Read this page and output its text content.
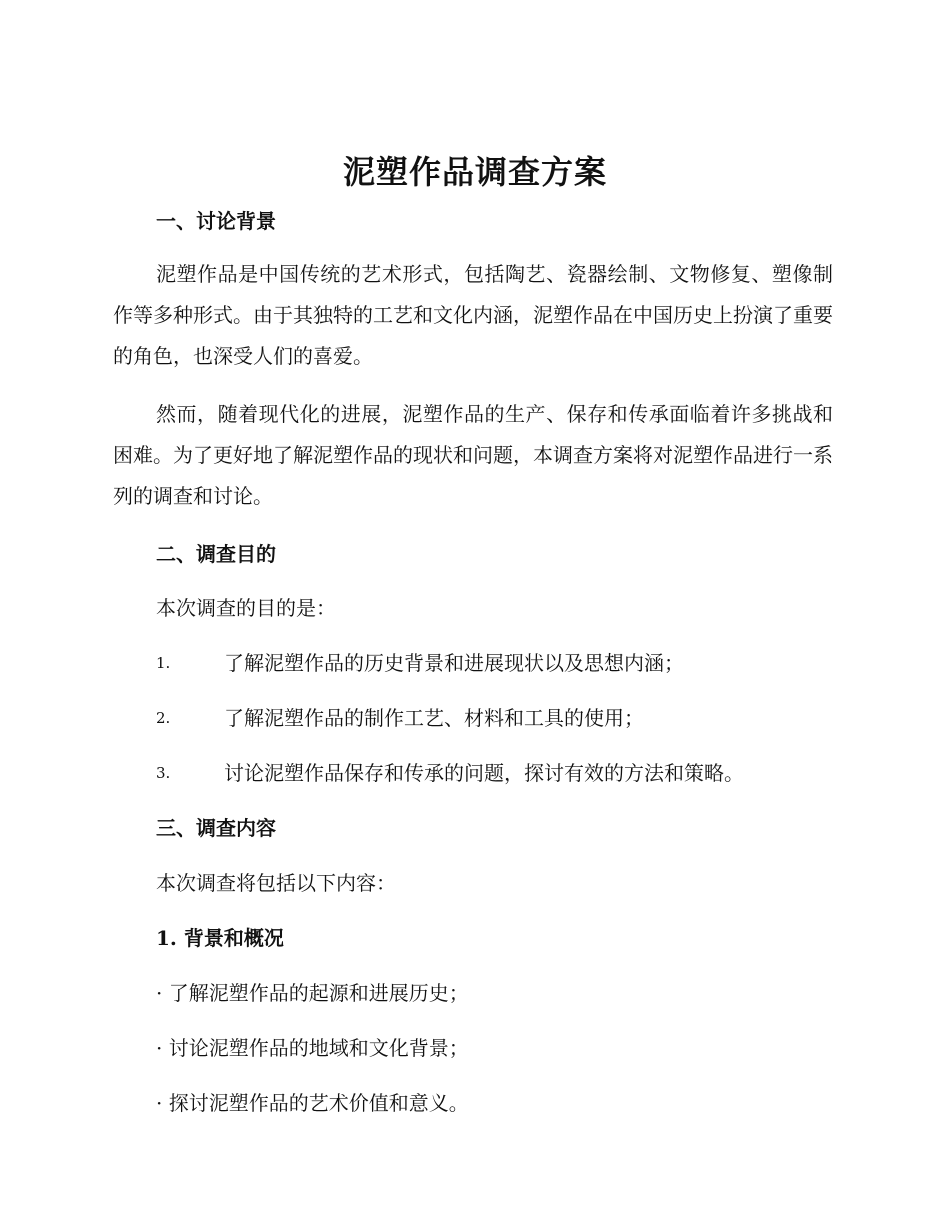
泥塑作品调查方案
一、讨论背景
泥塑作品是中国传统的艺术形式，包括陶艺、瓷器绘制、文物修复、塑像制作等多种形式。由于其独特的工艺和文化内涵，泥塑作品在中国历史上扮演了重要的角色，也深受人们的喜爱。
然而，随着现代化的进展，泥塑作品的生产、保存和传承面临着许多挑战和困难。为了更好地了解泥塑作品的现状和问题，本调查方案将对泥塑作品进行一系列的调查和讨论。
二、调查目的
本次调查的目的是：
1.	了解泥塑作品的历史背景和进展现状以及思想内涵；
2.	了解泥塑作品的制作工艺、材料和工具的使用；
3.	讨论泥塑作品保存和传承的问题，探讨有效的方法和策略。
三、调查内容
本次调查将包括以下内容：
1. 背景和概况
· 了解泥塑作品的起源和进展历史；
· 讨论泥塑作品的地域和文化背景；
· 探讨泥塑作品的艺术价值和意义。
